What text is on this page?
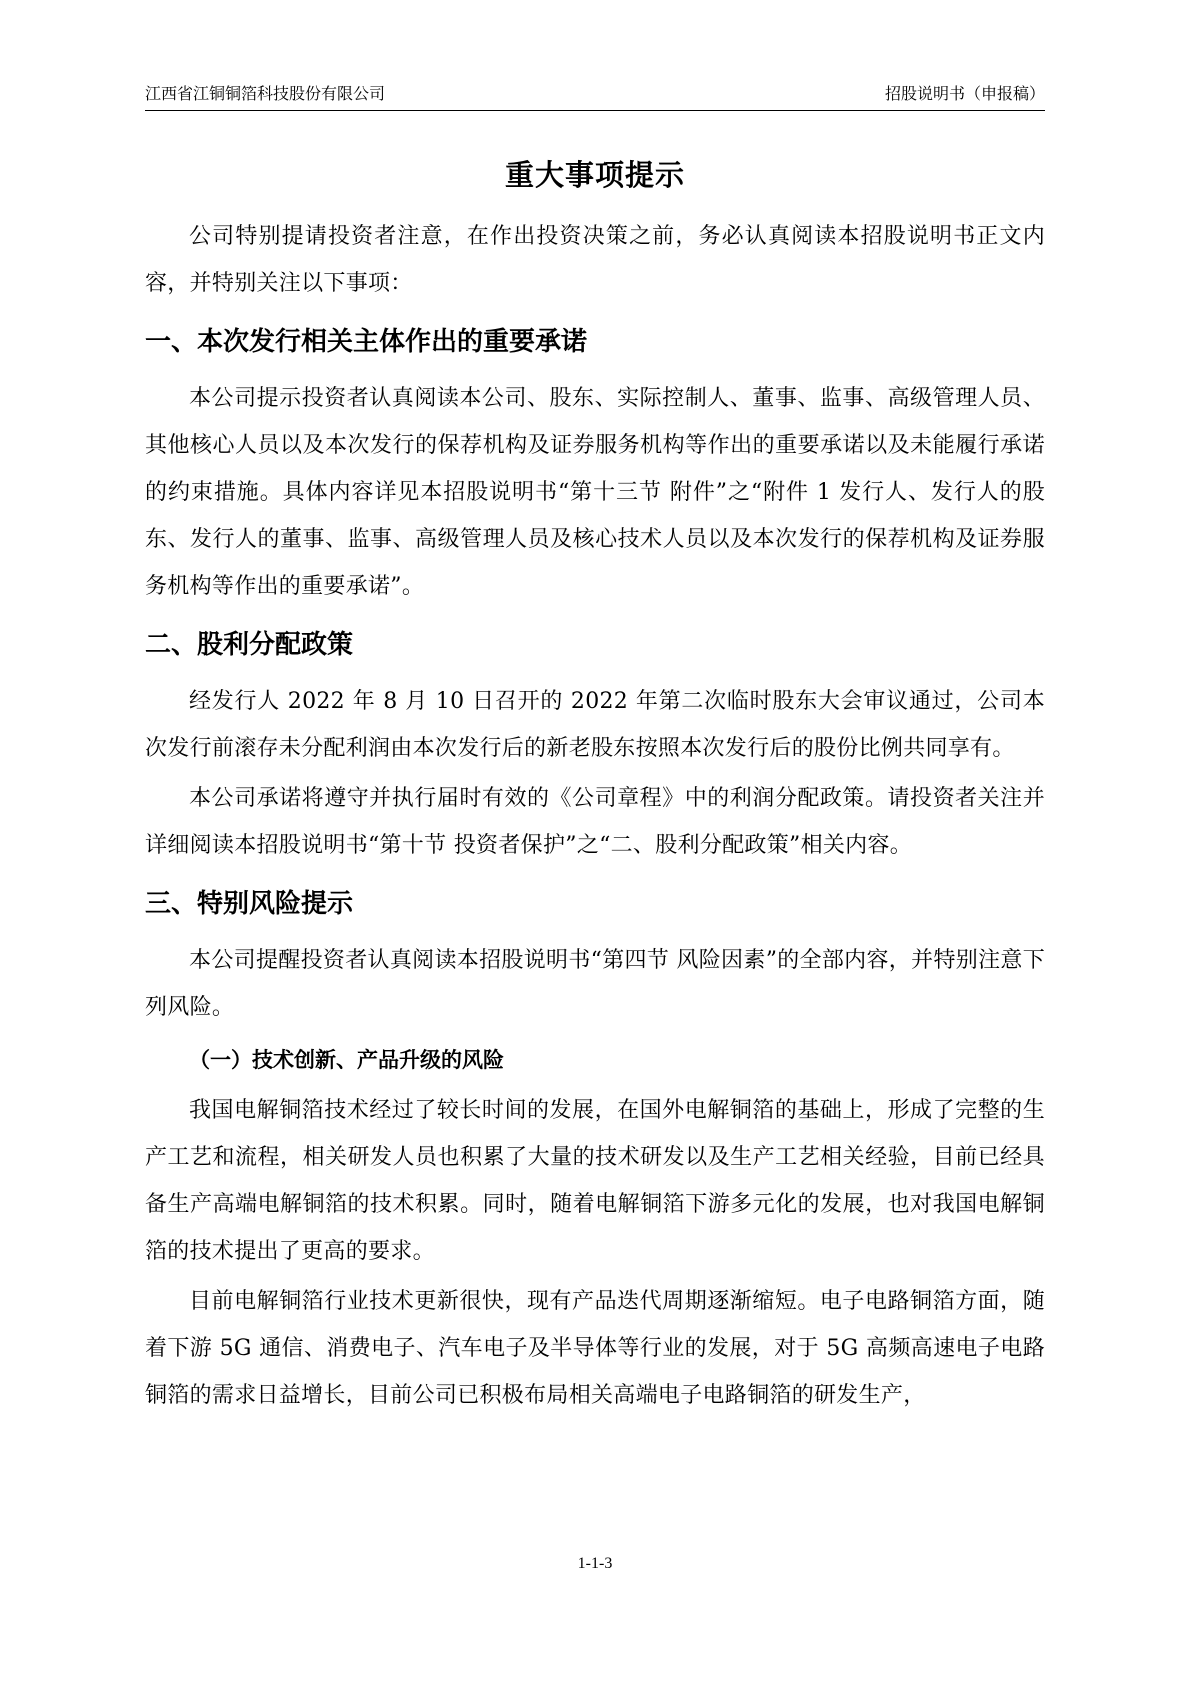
江西省江铜铜箔科技股份有限公司	招股说明书（申报稿）
重大事项提示

公司特别提请投资者注意，在作出投资决策之前，务必认真阅读本招股说明书正文内容，并特别关注以下事项：

一、本次发行相关主体作出的重要承诺

本公司提示投资者认真阅读本公司、股东、实际控制人、董事、监事、高级管理人员、其他核心人员以及本次发行的保荐机构及证券服务机构等作出的重要承诺以及未能履行承诺的约束措施。具体内容详见本招股说明书“第十三节 附件”之“附件 1 发行人、发行人的股东、发行人的董事、监事、高级管理人员及核心技术人员以及本次发行的保荐机构及证券服务机构等作出的重要承诺”。

二、股利分配政策

经发行人 2022 年 8 月 10 日召开的 2022 年第二次临时股东大会审议通过，公司本次发行前滚存未分配利润由本次发行后的新老股东按照本次发行后的股份比例共同享有。

本公司承诺将遵守并执行届时有效的《公司章程》中的利润分配政策。请投资者关注并详细阅读本招股说明书“第十节 投资者保护”之“二、股利分配政策”相关内容。

三、特别风险提示

本公司提醒投资者认真阅读本招股说明书“第四节 风险因素”的全部内容，并特别注意下列风险。

（一）技术创新、产品升级的风险

我国电解铜箔技术经过了较长时间的发展，在国外电解铜箔的基础上，形成了完整的生产工艺和流程，相关研发人员也积累了大量的技术研发以及生产工艺相关经验，目前已经具备生产高端电解铜箔的技术积累。同时，随着电解铜箔下游多元化的发展，也对我国电解铜箔的技术提出了更高的要求。

目前电解铜箔行业技术更新很快，现有产品迭代周期逐渐缩短。电子电路铜箔方面，随着下游 5G 通信、消费电子、汽车电子及半导体等行业的发展，对于 5G 高频高速电子电路铜箔的需求日益增长，目前公司已积极布局相关高端电子电路铜箔的研发生产，

1-1-3
